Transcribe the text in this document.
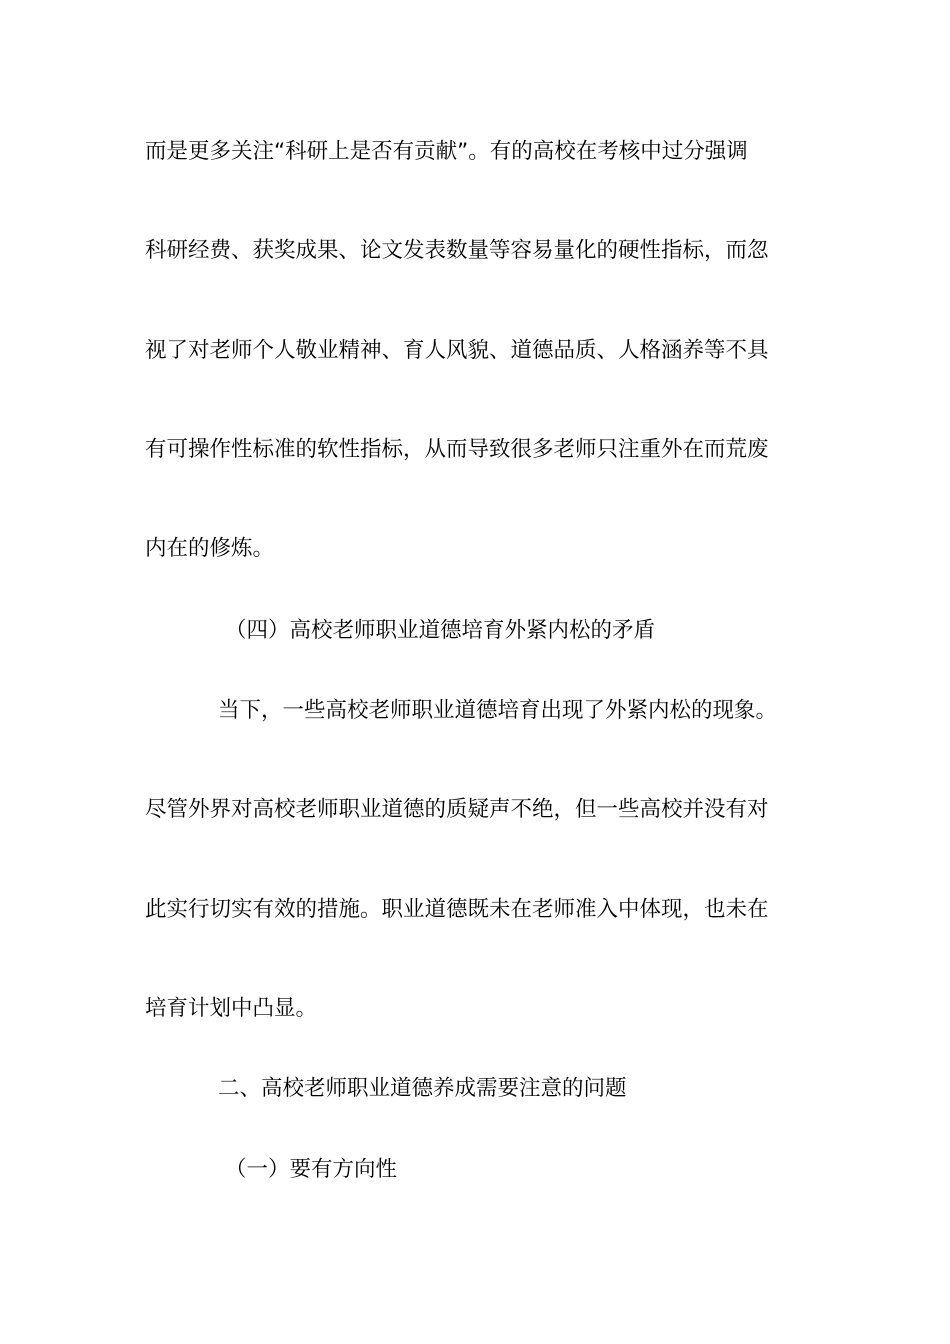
而是更多关注“科研上是否有贡献”。有的高校在考核中过分强调
科研经费、获奖成果、论文发表数量等容易量化的硬性指标，而忽
视了对老师个人敬业精神、育人风貌、道德品质、人格涵养等不具
有可操作性标准的软性指标，从而导致很多老师只注重外在而荒废
内在的修炼。
（四）高校老师职业道德培育外紧内松的矛盾
当下，一些高校老师职业道德培育出现了外紧内松的现象。
尽管外界对高校老师职业道德的质疑声不绝，但一些高校并没有对
此实行切实有效的措施。职业道德既未在老师准入中体现，也未在
培育计划中凸显。
二、高校老师职业道德养成需要注意的问题
（一）要有方向性
